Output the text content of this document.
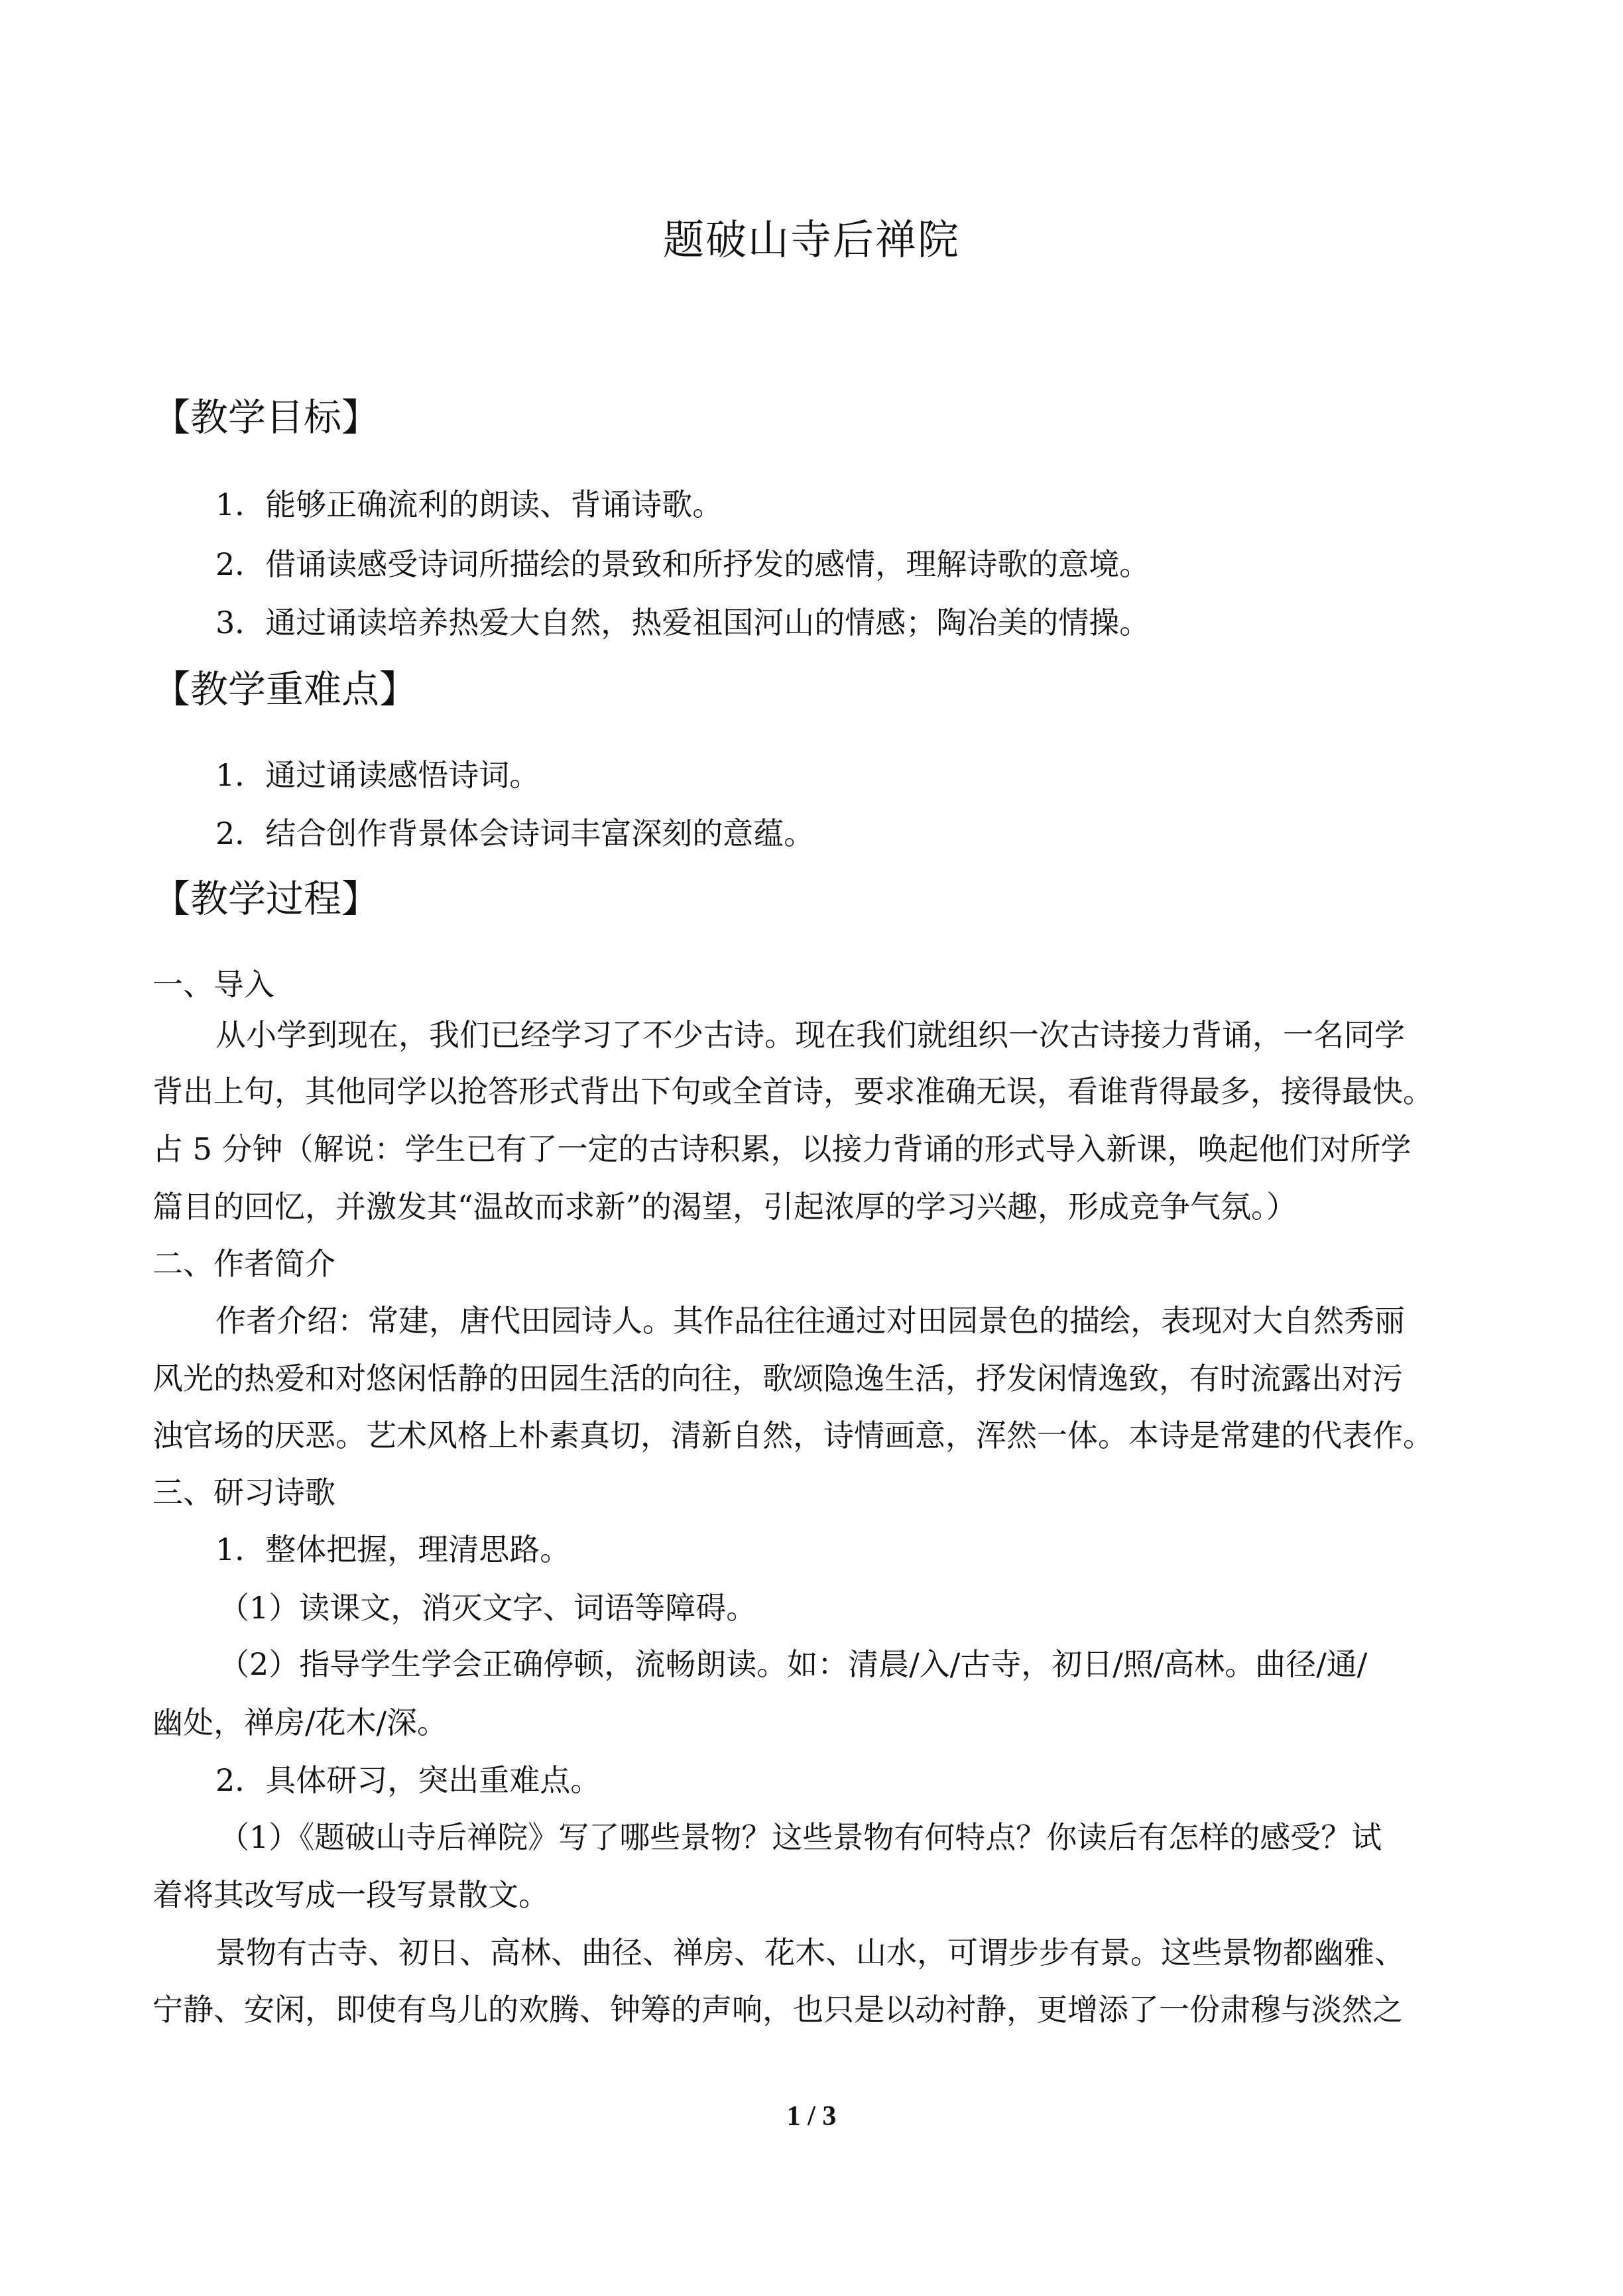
题破山寺后禅院
【教学目标】
1．能够正确流利的朗读、背诵诗歌。
2．借诵读感受诗词所描绘的景致和所抒发的感情，理解诗歌的意境。
3．通过诵读培养热爱大自然，热爱祖国河山的情感；陶冶美的情操。
【教学重难点】
1．通过诵读感悟诗词。
2．结合创作背景体会诗词丰富深刻的意蕴。
【教学过程】
一、导入
从小学到现在，我们已经学习了不少古诗。现在我们就组织一次古诗接力背诵，一名同学
背出上句，其他同学以抢答形式背出下句或全首诗，要求准确无误，看谁背得最多，接得最快。
占 5 分钟（解说：学生已有了一定的古诗积累，以接力背诵的形式导入新课，唤起他们对所学
篇目的回忆，并激发其“温故而求新”的渴望，引起浓厚的学习兴趣，形成竞争气氛。）
二、作者简介
作者介绍：常建，唐代田园诗人。其作品往往通过对田园景色的描绘，表现对大自然秀丽
风光的热爱和对悠闲恬静的田园生活的向往，歌颂隐逸生活，抒发闲情逸致，有时流露出对污
浊官场的厌恶。艺术风格上朴素真切，清新自然，诗情画意，浑然一体。本诗是常建的代表作。
三、研习诗歌
1．整体把握，理清思路。
（1）读课文，消灭文字、词语等障碍。
（2）指导学生学会正确停顿，流畅朗读。如：清晨/入/古寺，初日/照/高林。曲径/通/
幽处，禅房/花木/深。
2．具体研习，突出重难点。
（1）《题破山寺后禅院》写了哪些景物？这些景物有何特点？你读后有怎样的感受？试
着将其改写成一段写景散文。
景物有古寺、初日、高林、曲径、禅房、花木、山水，可谓步步有景。这些景物都幽雅、
宁静、安闲，即使有鸟儿的欢腾、钟筹的声响，也只是以动衬静，更增添了一份肃穆与淡然之
1 / 3
